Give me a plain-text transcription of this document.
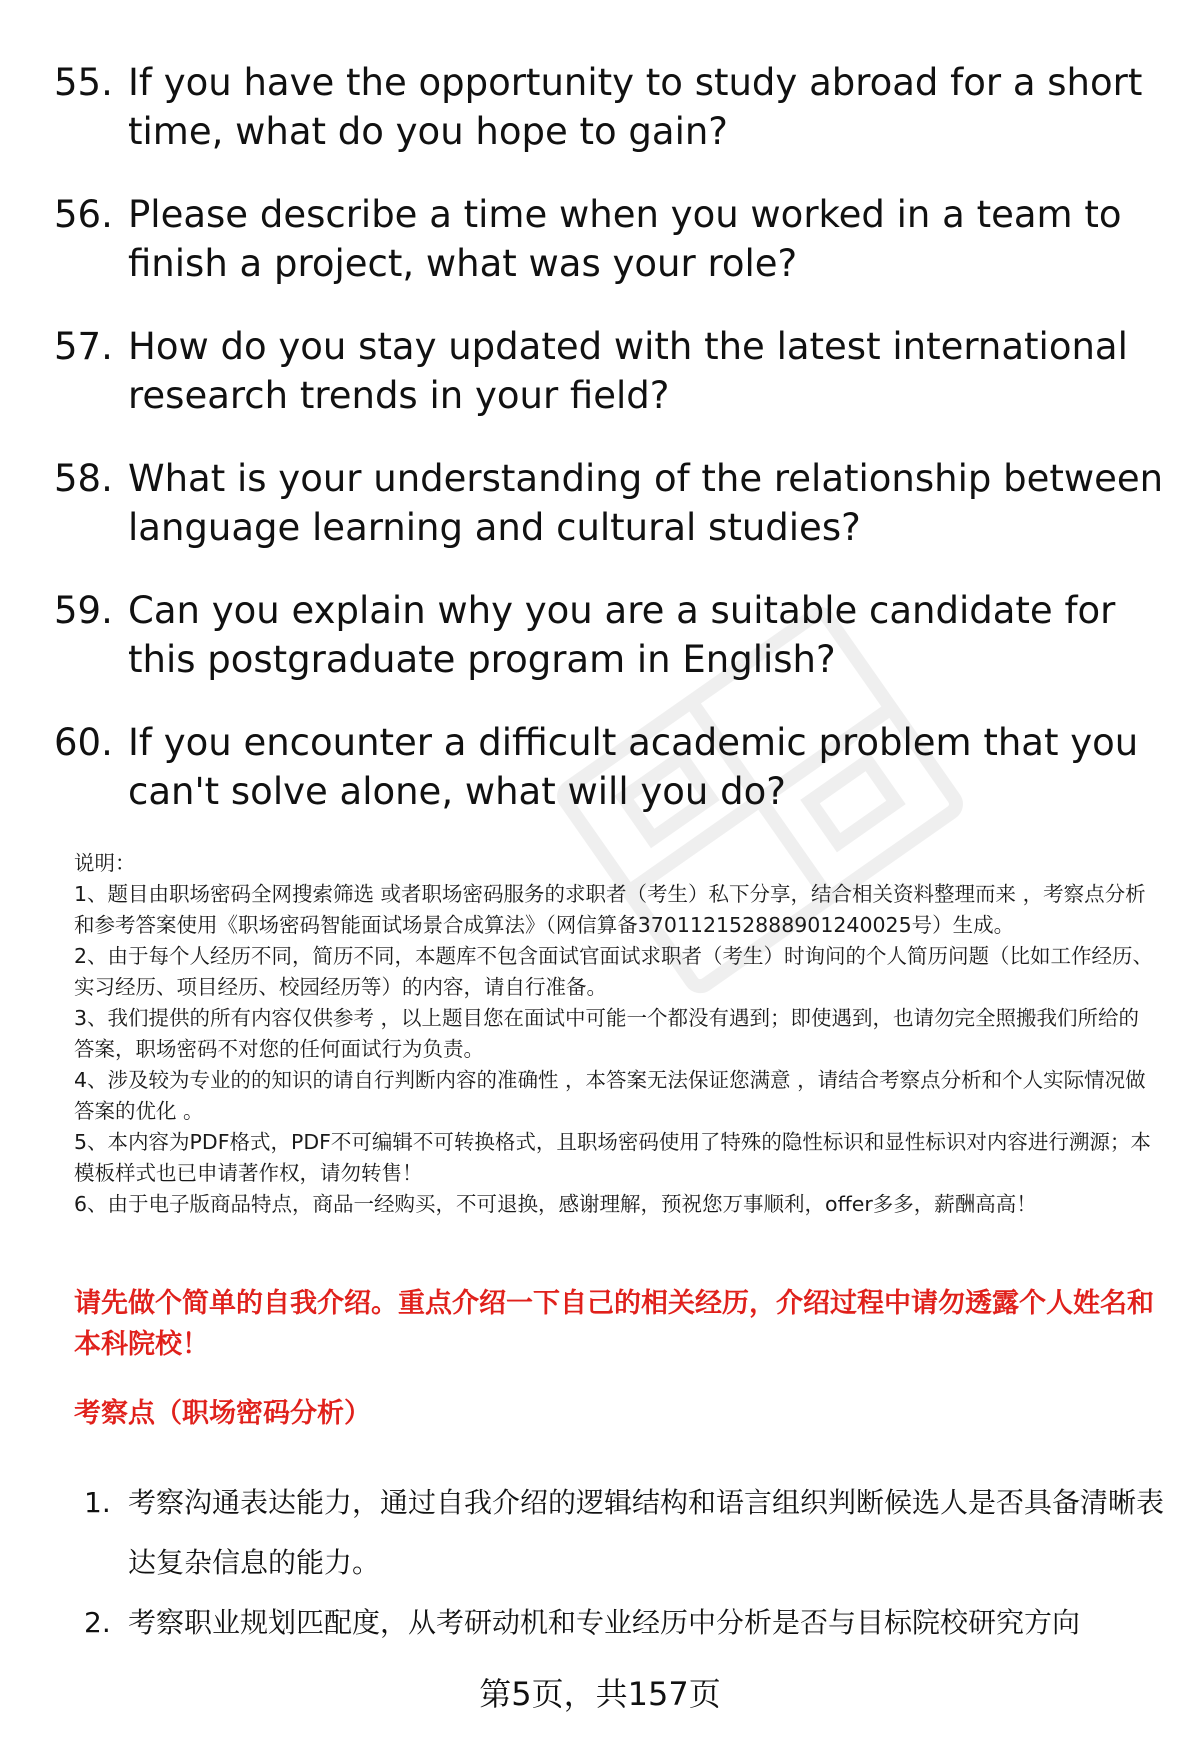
55. If you have the opportunity to study abroad for a short time, what do you hope to gain?
56. Please describe a time when you worked in a team to finish a project, what was your role?
57. How do you stay updated with the latest international research trends in your field?
58. What is your understanding of the relationship between language learning and cultural studies?
59. Can you explain why you are a suitable candidate for this postgraduate program in English?
60. If you encounter a difficult academic problem that you can't solve alone, what will you do?

说明：

1、题目由职场密码全网搜索筛选 或者职场密码服务的求职者（考生）私下分享，结合相关资料整理而来 ，考察点分析和参考答案使用《职场密码智能面试场景合成算法》（网信算备370112152888901240025号）生成。

2、由于每个人经历不同，简历不同，本题库不包含面试官面试求职者（考生）时询问的个人简历问题（比如工作经历、实习经历、项目经历、校园经历等）的内容，请自行准备。

3、我们提供的所有内容仅供参考 ，以上题目您在面试中可能一个都没有遇到；即使遇到，也请勿完全照搬我们所给的答案，职场密码不对您的任何面试行为负责。

4、涉及较为专业的的知识的请自行判断内容的准确性 ，本答案无法保证您满意 ，请结合考察点分析和个人实际情况做答案的优化 。

5、本内容为PDF格式，PDF不可编辑不可转换格式，且职场密码使用了特殊的隐性标识和显性标识对内容进行溯源；本模板样式也已申请著作权，请勿转售！

6、由于电子版商品特点，商品一经购买，不可退换，感谢理解，预祝您万事顺利，offer多多，薪酬高高！

请先做个简单的自我介绍。重点介绍一下自己的相关经历，介绍过程中请勿透露个人姓名和本科院校！
考察点（职场密码分析）
1. 考察沟通表达能力，通过自我介绍的逻辑结构和语言组织判断候选人是否具备清晰表达复杂信息的能力。
2. 考察职业规划匹配度，从考研动机和专业经历中分析是否与目标院校研究方向
第5页，共157页
